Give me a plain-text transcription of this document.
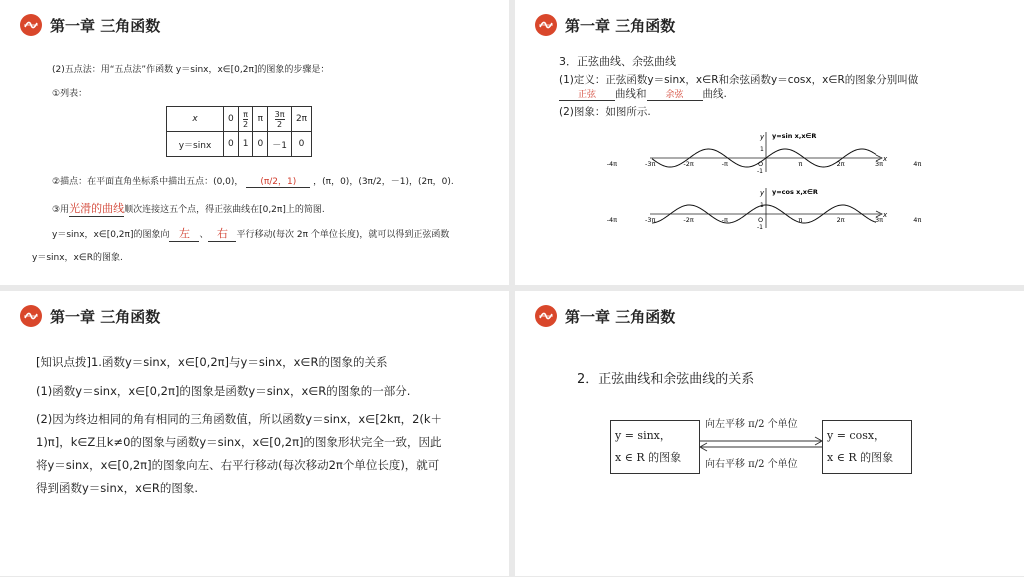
第一章 三角函数
(2)五点法：用“五点法”作函数 y＝sinx，x∈[0,2π]的图象的步骤是：
①列表：
x	0	$\frac{\pi}{2}$	π	$\frac{3\pi}{2}$	2π
y＝sinx	0	1	0	－1	0
②描点：在平面直角坐标系中描出五点：(0,0)， (π/2，1) ，(π，0)，(3π/2，－1)，(2π，0).
③用光滑的曲线顺次连接这五个点，得正弦曲线在[0,2π]上的简图.
y＝sinx，x∈[0,2π]的图象向 左 、 右 平行移动(每次 2π 个单位长度)，就可以得到正弦函数
y＝sinx，x∈R的图象.
第一章 三角函数
3．正弦曲线、余弦曲线
(1)定义：正弦函数y＝sinx，x∈R和余弦函数y＝cosx，x∈R的图象分别叫做
正弦 曲线和 余弦 曲线.
(2)图象：如图所示.
x
y
1
-1
y=sin x,x∈R
-4π	-3π	-2π	-π	O	π	2π	3π	4π
x
y
1
-1
y=cos x,x∈R
-4π	-3π	-2π	-π	O	π	2π	3π	4π
第一章 三角函数
[知识点拨]1.函数y＝sinx，x∈[0,2π]与y＝sinx，x∈R的图象的关系
(1)函数y＝sinx，x∈[0,2π]的图象是函数y＝sinx，x∈R的图象的一部分.
(2)因为终边相同的角有相同的三角函数值，所以函数y＝sinx，x∈[2kπ，2(k＋
1)π]，k∈Z且k≠0的图象与函数y＝sinx，x∈[0,2π]的图象形状完全一致，因此
将y＝sinx，x∈[0,2π]的图象向左、右平行移动(每次移动2π个单位长度)，就可
得到函数y＝sinx，x∈R的图象.
第一章 三角函数
2．正弦曲线和余弦曲线的关系
y = sinx，
x ∈ R 的图象
y = cosx，
x ∈ R 的图象
向左平移 π/2 个单位
向右平移 π/2 个单位
